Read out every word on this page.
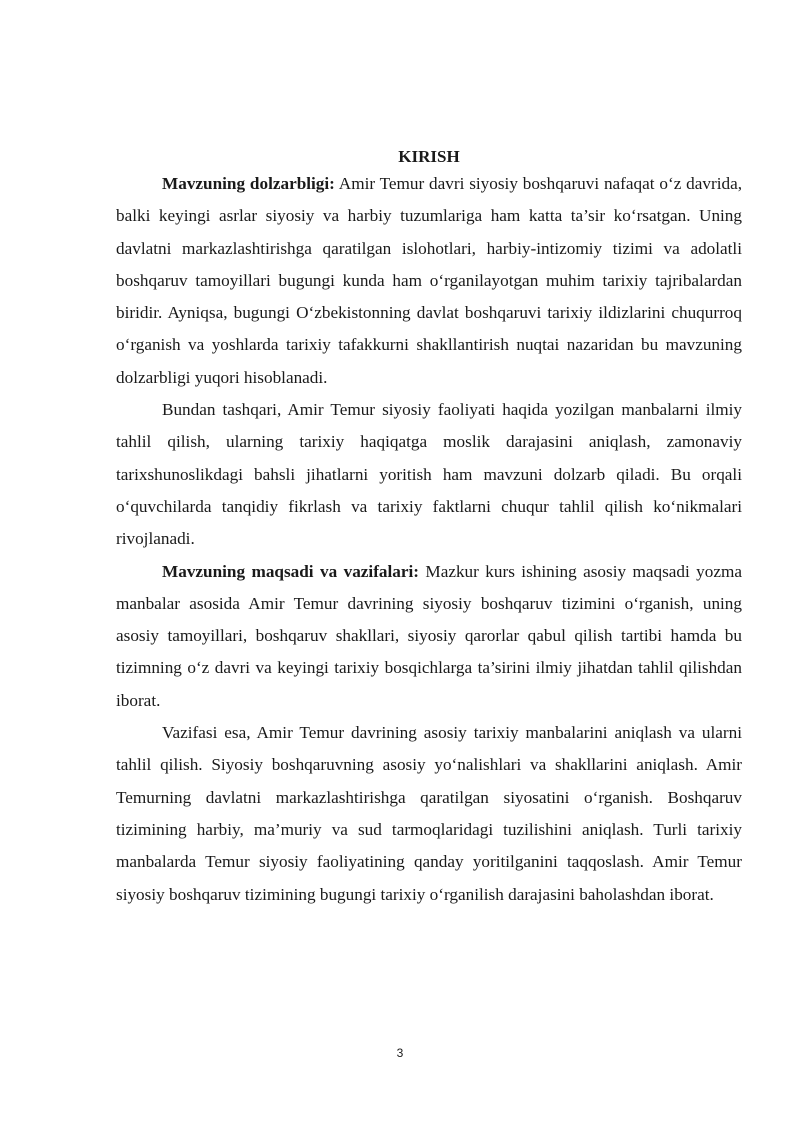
KIRISH

Mavzuning dolzarbligi: Amir Temur davri siyosiy boshqaruvi nafaqat o‘z davrida, balki keyingi asrlar siyosiy va harbiy tuzumlariga ham katta ta’sir ko‘rsatgan. Uning davlatni markazlashtirishga qaratilgan islohotlari, harbiy-intizomiy tizimi va adolatli boshqaruv tamoyillari bugungi kunda ham o‘rganilayotgan muhim tarixiy tajribalardan biridir. Ayniqsa, bugungi O‘zbekistonning davlat boshqaruvi tarixiy ildizlarini chuqurroq o‘rganish va yoshlarda tarixiy tafakkurni shakllantirish nuqtai nazaridan bu mavzuning dolzarbligi yuqori hisoblanadi.

Bundan tashqari, Amir Temur siyosiy faoliyati haqida yozilgan manbalarni ilmiy tahlil qilish, ularning tarixiy haqiqatga moslik darajasini aniqlash, zamonaviy tarixshunoslikdagi bahsli jihatlarni yoritish ham mavzuni dolzarb qiladi. Bu orqali o‘quvchilarda tanqidiy fikrlash va tarixiy faktlarni chuqur tahlil qilish ko‘nikmalari rivojlanadi.

Mavzuning maqsadi va vazifalari: Mazkur kurs ishining asosiy maqsadi yozma manbalar asosida Amir Temur davrining siyosiy boshqaruv tizimini o‘rganish, uning asosiy tamoyillari, boshqaruv shakllari, siyosiy qarorlar qabul qilish tartibi hamda bu tizimning o‘z davri va keyingi tarixiy bosqichlarga ta’sirini ilmiy jihatdan tahlil qilishdan iborat.

Vazifasi esa, Amir Temur davrining asosiy tarixiy manbalarini aniqlash va ularni tahlil qilish. Siyosiy boshqaruvning asosiy yo‘nalishlari va shakllarini aniqlash. Amir Temurning davlatni markazlashtirishga qaratilgan siyosatini o‘rganish. Boshqaruv tizimining harbiy, ma’muriy va sud tarmoqlaridagi tuzilishini aniqlash. Turli tarixiy manbalarda Temur siyosiy faoliyatining qanday yoritilganini taqqoslash. Amir Temur siyosiy boshqaruv tizimining bugungi tarixiy o‘rganilish darajasini baholashdan iborat.

3
